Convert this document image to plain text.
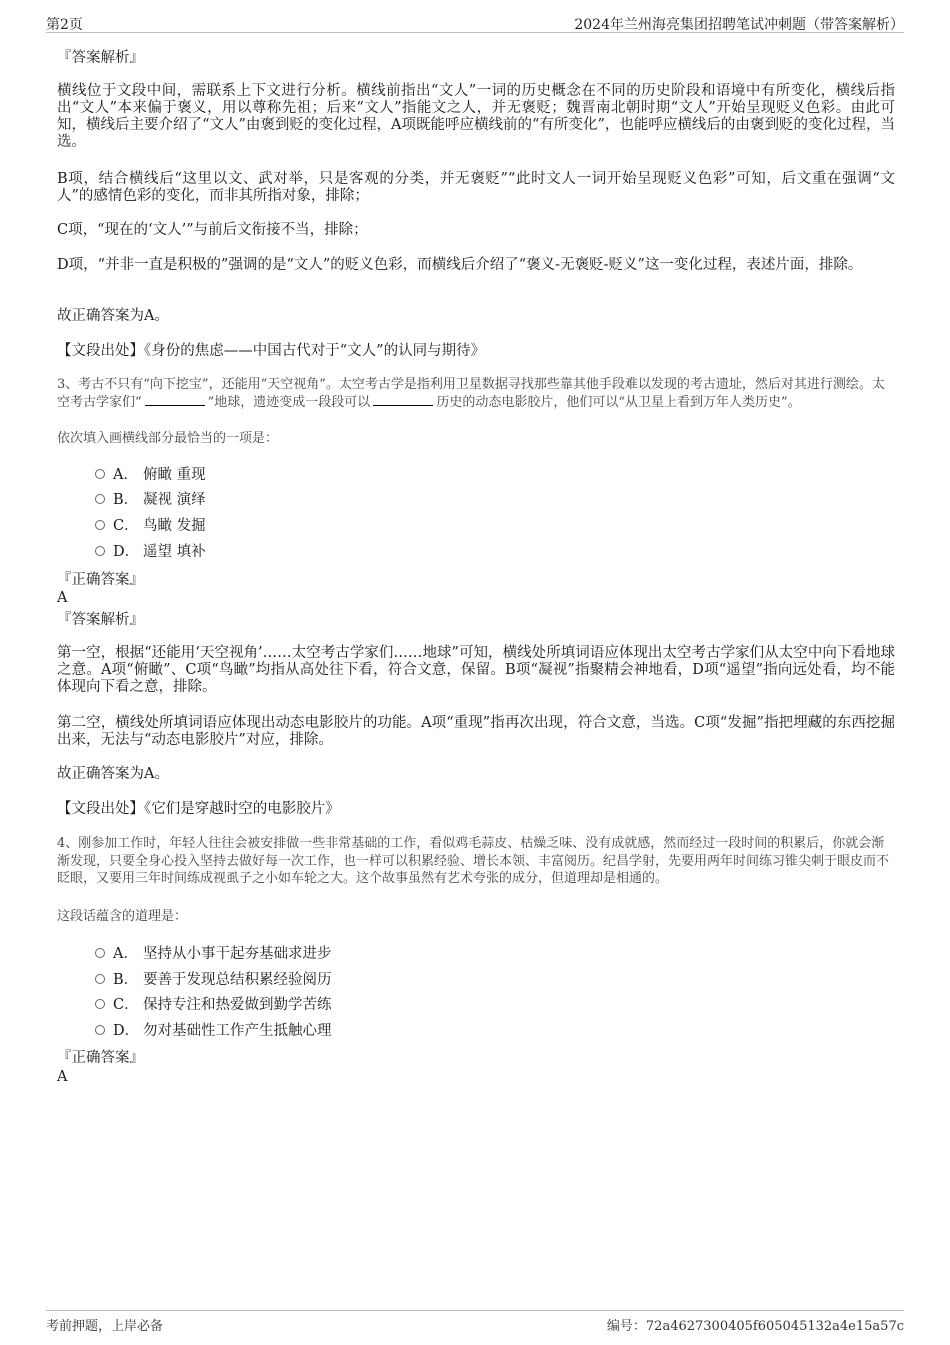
第2页	2024年兰州海亮集团招聘笔试冲刺题（带答案解析）
『答案解析』
横线位于文段中间，需联系上下文进行分析。横线前指出“文人”一词的历史概念在不同的历史阶段和语境中有所变化，横线后指出“文人”本来偏于褒义，用以尊称先祖；后来“文人”指能文之人，并无褒贬；魏晋南北朝时期“文人”开始呈现贬义色彩。由此可知，横线后主要介绍了“文人”由褒到贬的变化过程，A项既能呼应横线前的“有所变化”，也能呼应横线后的由褒到贬的变化过程，当选。
B项，结合横线后“这里以文、武对举，只是客观的分类，并无褒贬”“此时文人一词开始呈现贬义色彩”可知，后文重在强调“文人”的感情色彩的变化，而非其所指对象，排除；
C项，“现在的‘文人’”与前后文衔接不当，排除；
D项，“并非一直是积极的”强调的是“文人”的贬义色彩，而横线后介绍了“褒义-无褒贬-贬义”这一变化过程，表述片面，排除。
故正确答案为A。
【文段出处】《身份的焦虑——中国古代对于“文人”的认同与期待》
3、考古不只有“向下挖宝”，还能用“天空视角”。太空考古学是指利用卫星数据寻找那些靠其他手段难以发现的考古遗址，然后对其进行测绘。太空考古学家们“	”地球，遗迹变成一段段可以	历史的动态电影胶片，他们可以“从卫星上看到万年人类历史”。
依次填入画横线部分最恰当的一项是：
A． 俯瞰 重现
B． 凝视 演绎
C． 鸟瞰 发掘
D． 遥望 填补
『正确答案』
A
『答案解析』
第一空，根据“还能用‘天空视角’……太空考古学家们……地球”可知，横线处所填词语应体现出太空考古学家们从太空中向下看地球之意。A项“俯瞰”、C项“鸟瞰”均指从高处往下看，符合文意，保留。B项“凝视”指聚精会神地看，D项“遥望”指向远处看，均不能体现向下看之意，排除。
第二空，横线处所填词语应体现出动态电影胶片的功能。A项“重现”指再次出现，符合文意，当选。C项“发掘”指把埋藏的东西挖掘出来，无法与“动态电影胶片”对应，排除。
故正确答案为A。
【文段出处】《它们是穿越时空的电影胶片》
4、刚参加工作时，年轻人往往会被安排做一些非常基础的工作，看似鸡毛蒜皮、枯燥乏味、没有成就感，然而经过一段时间的积累后，你就会渐渐发现，只要全身心投入坚持去做好每一次工作，也一样可以积累经验、增长本领、丰富阅历。纪昌学射，先要用两年时间练习锥尖刺于眼皮而不眨眼，又要用三年时间练成视虱子之小如车轮之大。这个故事虽然有艺术夸张的成分，但道理却是相通的。
这段话蕴含的道理是：
A． 坚持从小事干起夯基础求进步
B． 要善于发现总结积累经验阅历
C． 保持专注和热爱做到勤学苦练
D． 勿对基础性工作产生抵触心理
『正确答案』
A
考前押题，上岸必备	编号：72a4627300405f605045132a4e15a57c
